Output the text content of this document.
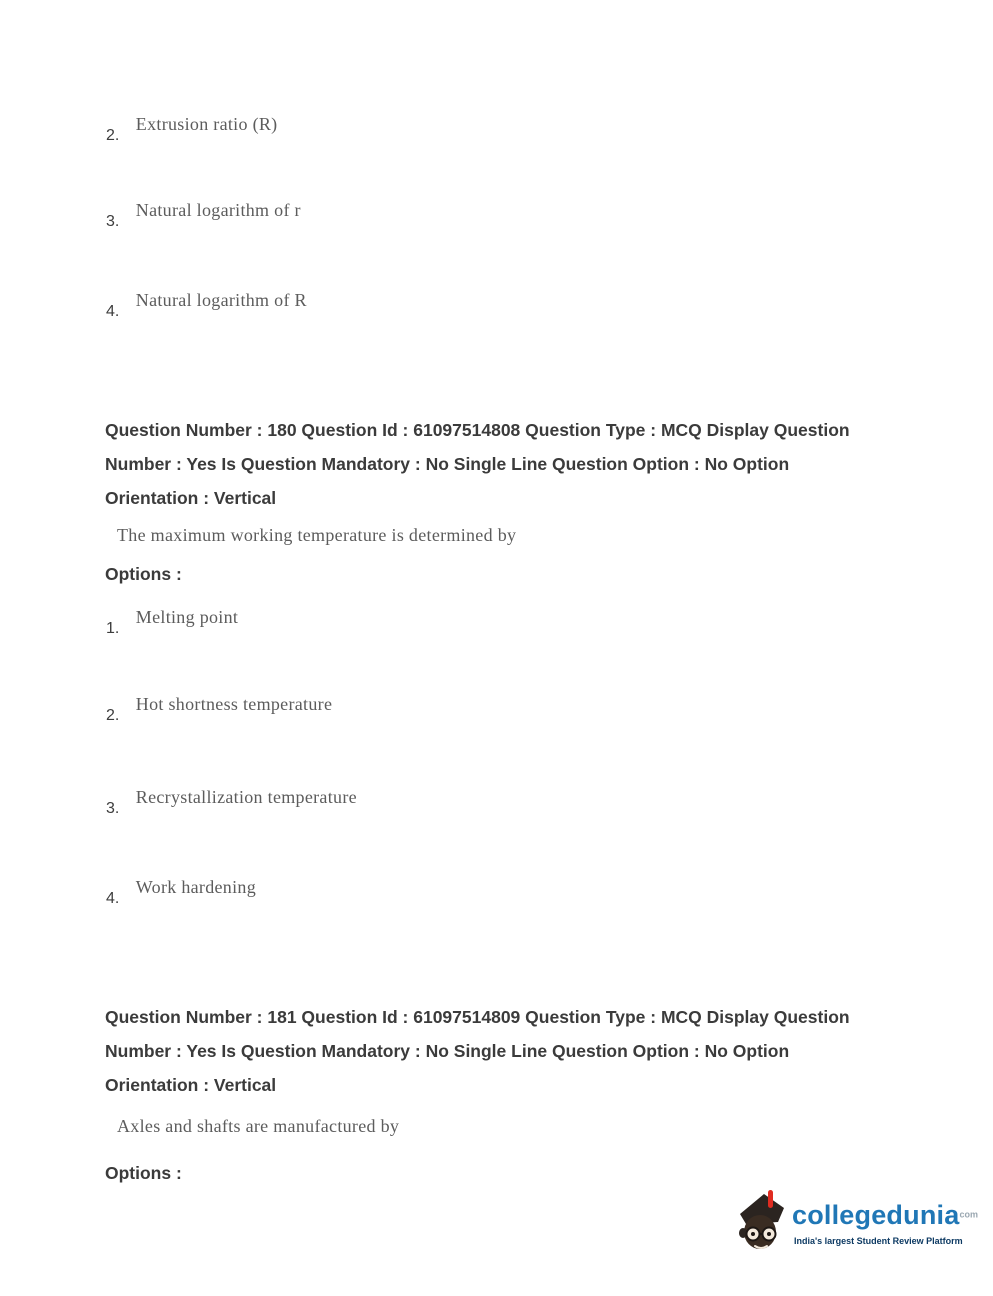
2. Extrusion ratio (R)
3. Natural logarithm of r
4. Natural logarithm of R
Question Number : 180 Question Id : 61097514808 Question Type : MCQ Display Question
Number : Yes Is Question Mandatory : No Single Line Question Option : No Option
Orientation : Vertical
The maximum working temperature is determined by
Options :
1. Melting point
2. Hot shortness temperature
3. Recrystallization temperature
4. Work hardening
Question Number : 181 Question Id : 61097514809 Question Type : MCQ Display Question
Number : Yes Is Question Mandatory : No Single Line Question Option : No Option
Orientation : Vertical
Axles and shafts are manufactured by
Options :
collegedunia$^{com}$
India's largest Student Review Platform
